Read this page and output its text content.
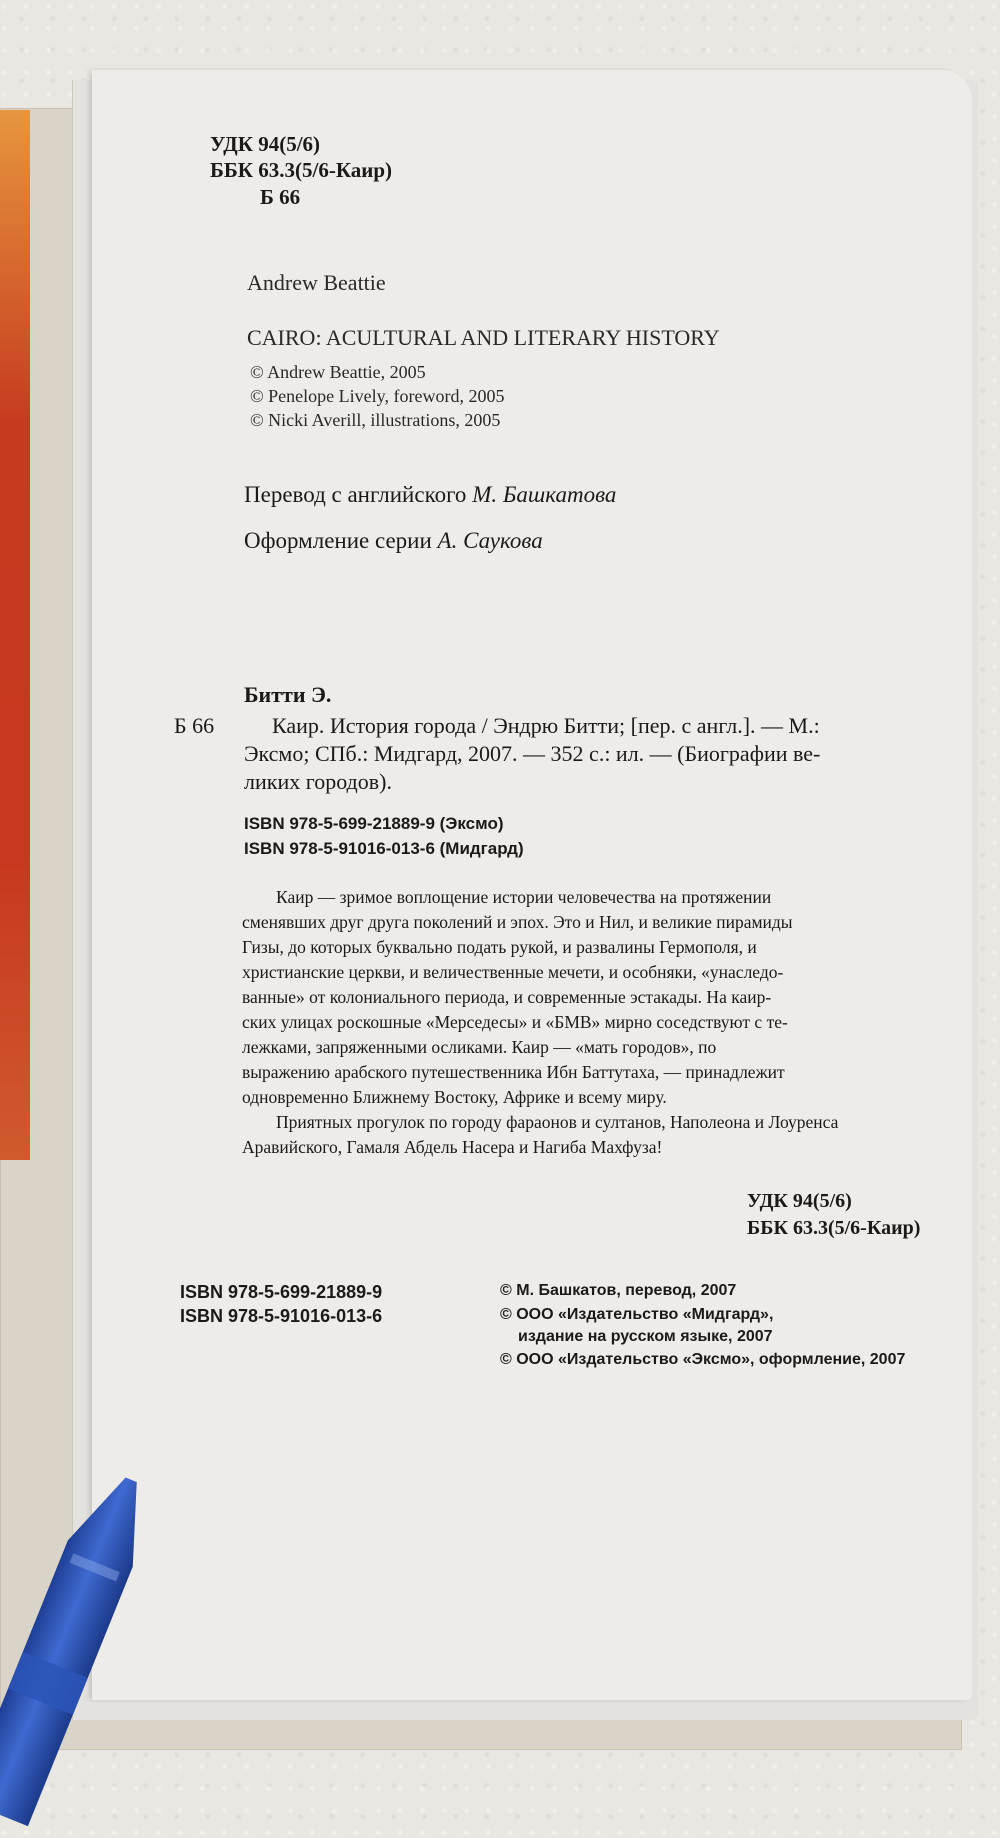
УДК 94(5/6)
ББК 63.3(5/6-Каир)
Б 66
Andrew Beattie
CAIRO: ACULTURAL AND LITERARY HISTORY
© Andrew Beattie, 2005
© Penelope Lively, foreword, 2005
© Nicki Averill, illustrations, 2005
Перевод с английского М. Башкатова
Оформление серии А. Саукова
Битти Э.
Б 66	Каир. История города / Эндрю Битти; [пер. с англ.]. — М.:
Эксмо; СПб.: Мидгард, 2007. — 352 с.: ил. — (Биографии ве-
ликих городов).
ISBN 978-5-699-21889-9 (Эксмо)
ISBN 978-5-91016-013-6 (Мидгард)
Каир — зримое воплощение истории человечества на протяжении
сменявших друг друга поколений и эпох. Это и Нил, и великие пирамиды
Гизы, до которых буквально подать рукой, и развалины Гермополя, и
христианские церкви, и величественные мечети, и особняки, «унаследо-
ванные» от колониального периода, и современные эстакады. На каир-
ских улицах роскошные «Мерседесы» и «БМВ» мирно соседствуют с те-
лежками, запряженными осликами. Каир — «мать городов», по
выражению арабского путешественника Ибн Баттутаха, — принадлежит
одновременно Ближнему Востоку, Африке и всему миру.
Приятных прогулок по городу фараонов и султанов, Наполеона и Лоуренса
Аравийского, Гамаля Абдель Насера и Нагиба Махфуза!
УДК 94(5/6)
ББК 63.3(5/6-Каир)
ISBN 978-5-699-21889-9
ISBN 978-5-91016-013-6
© М. Башкатов, перевод, 2007
© ООО «Издательство «Мидгард»,
издание на русском языке, 2007
© ООО «Издательство «Эксмо», оформление, 2007
